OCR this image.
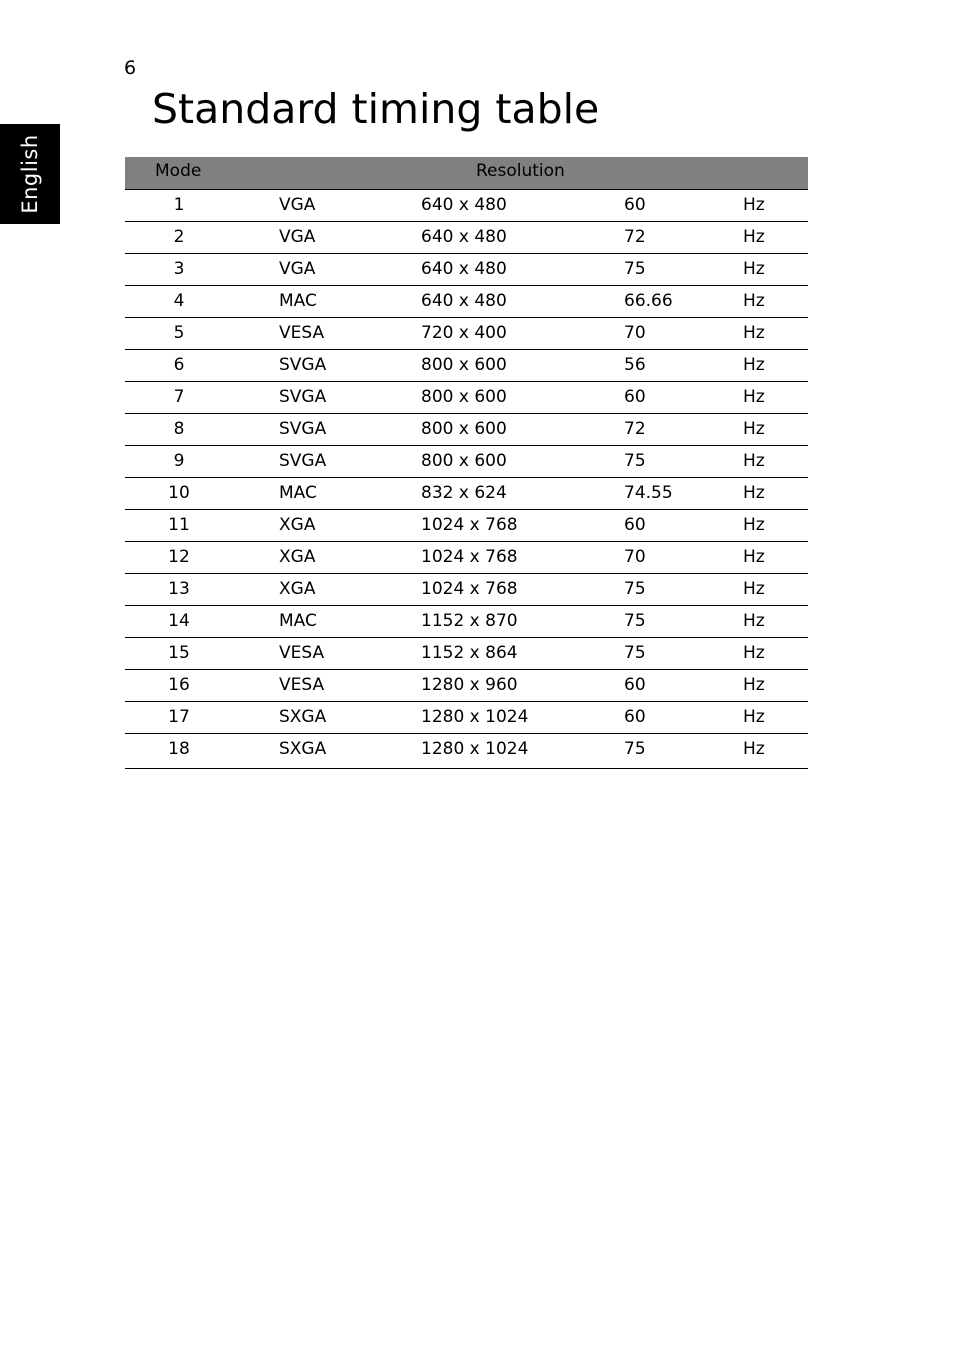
6
English
Standard timing table
Mode	Resolution
1	VGA	640 x 480	60	Hz
2	VGA	640 x 480	72	Hz
3	VGA	640 x 480	75	Hz
4	MAC	640 x 480	66.66	Hz
5	VESA	720 x 400	70	Hz
6	SVGA	800 x 600	56	Hz
7	SVGA	800 x 600	60	Hz
8	SVGA	800 x 600	72	Hz
9	SVGA	800 x 600	75	Hz
10	MAC	832 x 624	74.55	Hz
11	XGA	1024 x 768	60	Hz
12	XGA	1024 x 768	70	Hz
13	XGA	1024 x 768	75	Hz
14	MAC	1152 x 870	75	Hz
15	VESA	1152 x 864	75	Hz
16	VESA	1280 x 960	60	Hz
17	SXGA	1280 x 1024	60	Hz
18	SXGA	1280 x 1024	75	Hz
